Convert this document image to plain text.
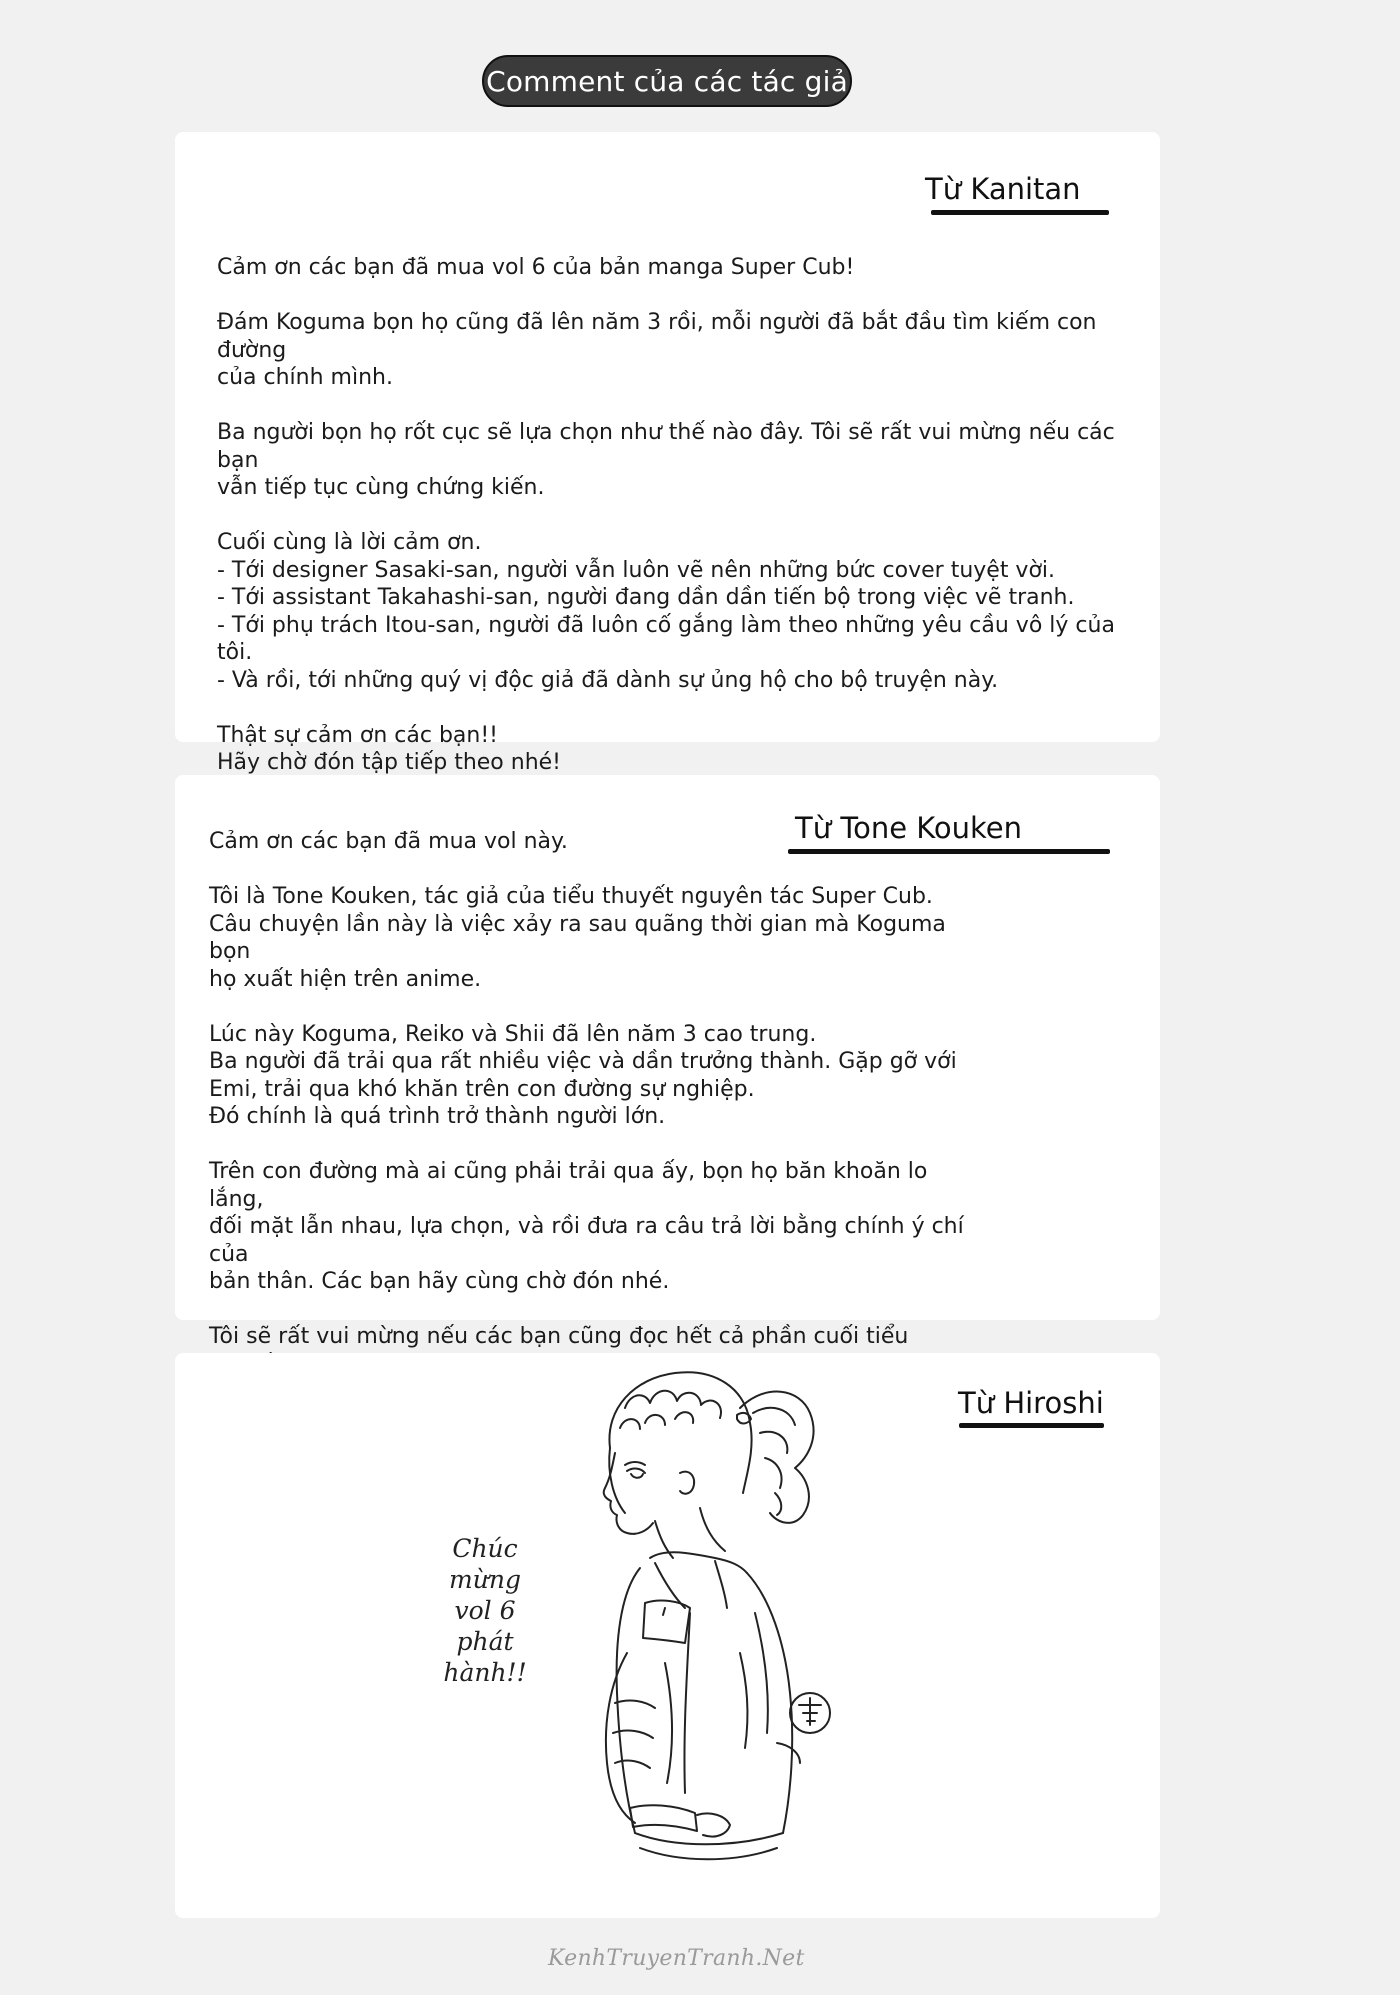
Comment của các tác giả
Từ Kanitan
Cảm ơn các bạn đã mua vol 6 của bản manga Super Cub!

Đám Koguma bọn họ cũng đã lên năm 3 rồi, mỗi người đã bắt đầu tìm kiếm con đường
của chính mình.

Ba người bọn họ rốt cục sẽ lựa chọn như thế nào đây. Tôi sẽ rất vui mừng nếu các bạn
vẫn tiếp tục cùng chứng kiến.

Cuối cùng là lời cảm ơn.
- Tới designer Sasaki-san, người vẫn luôn vẽ nên những bức cover tuyệt vời.
- Tới assistant Takahashi-san, người đang dần dần tiến bộ trong việc vẽ tranh.
- Tới phụ trách Itou-san, người đã luôn cố gắng làm theo những yêu cầu vô lý của tôi.
- Và rồi, tới những quý vị độc giả đã dành sự ủng hộ cho bộ truyện này.

Thật sự cảm ơn các bạn!!
Hãy chờ đón tập tiếp theo nhé!
Từ Tone Kouken
Cảm ơn các bạn đã mua vol này.

Tôi là Tone Kouken, tác giả của tiểu thuyết nguyên tác Super Cub.
Câu chuyện lần này là việc xảy ra sau quãng thời gian mà Koguma bọn
họ xuất hiện trên anime.

Lúc này Koguma, Reiko và Shii đã lên năm 3 cao trung.
Ba người đã trải qua rất nhiều việc và dần trưởng thành. Gặp gỡ với
Emi, trải qua khó khăn trên con đường sự nghiệp.
Đó chính là quá trình trở thành người lớn.

Trên con đường mà ai cũng phải trải qua ấy, bọn họ băn khoăn lo lắng,
đối mặt lẫn nhau, lựa chọn, và rồi đưa ra câu trả lời bằng chính ý chí của
bản thân. Các bạn hãy cùng chờ đón nhé.

Tôi sẽ rất vui mừng nếu các bạn cũng đọc hết cả phần cuối tiểu

Từ Hiroshi
Chúc
mừng
vol 6
phát
hành!!
KenhTruyenTranh.Net
